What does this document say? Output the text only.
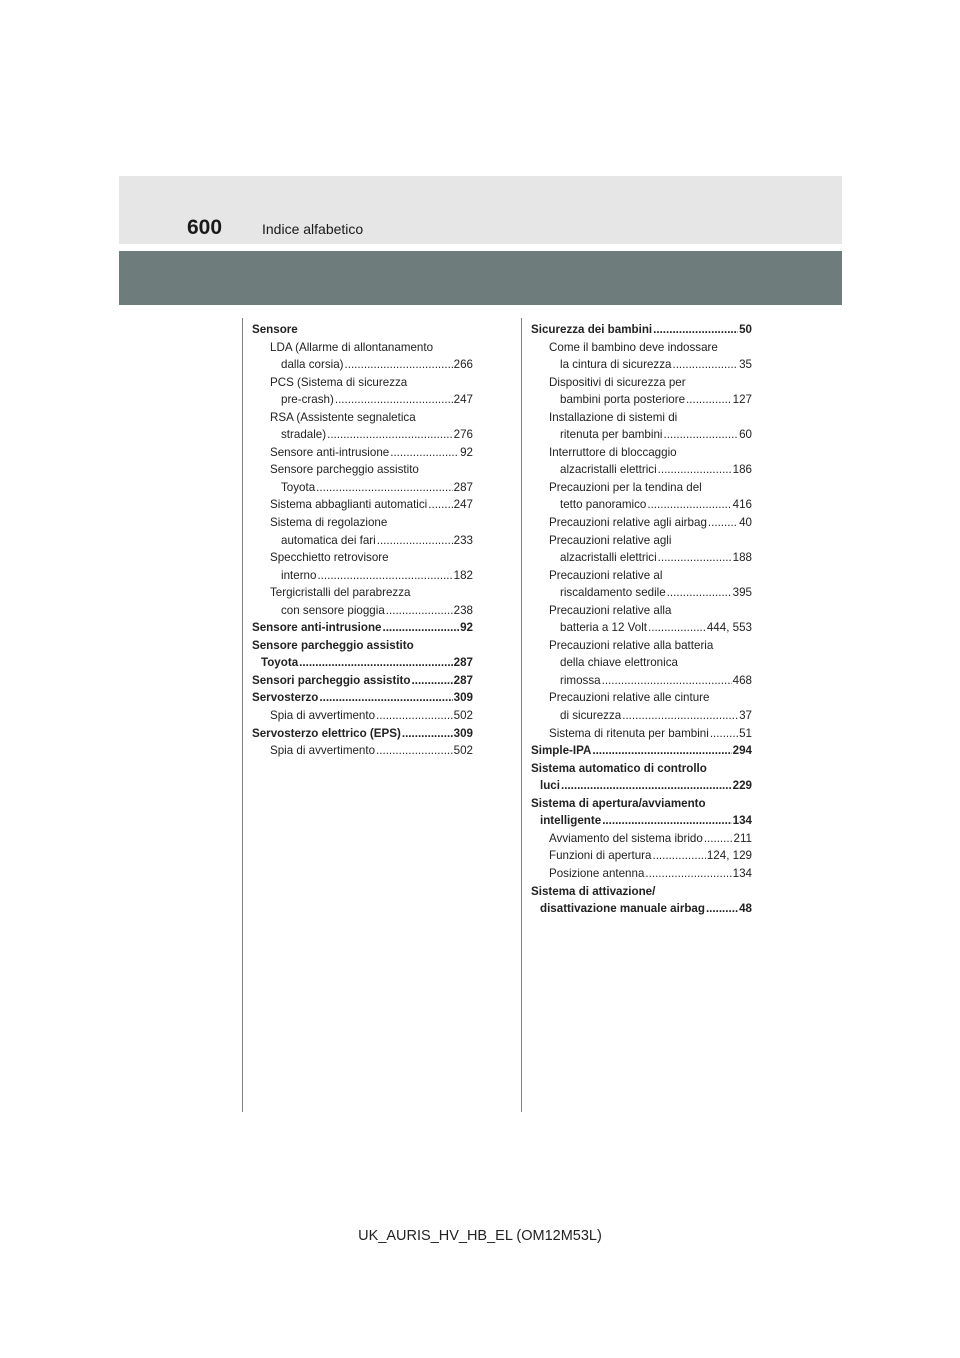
600	Indice alfabetico
Sensore
LDA (Allarme di allontanamento
dalla corsia) .....	266
PCS (Sistema di sicurezza
pre-crash) .....	247
RSA (Assistente segnaletica
stradale) .....	276
Sensore anti-intrusione .....	92
Sensore parcheggio assistito
Toyota .....	287
Sistema abbaglianti automatici ..... 247
Sistema di regolazione
automatica dei fari .....	233
Specchietto retrovisore
interno .....	182
Tergicristalli del parabrezza
con sensore pioggia .....	238
Sensore anti-intrusione .....	92
Sensore parcheggio assistito
Toyota .....	287
Sensori parcheggio assistito .....	287
Servosterzo .....	309
Spia di avvertimento .....	502
Servosterzo elettrico (EPS) .....	309
Spia di avvertimento .....	502
Sicurezza dei bambini .....	50
Come il bambino deve indossare
la cintura di sicurezza .....	35
Dispositivi di sicurezza per
bambini porta posteriore .....	127
Installazione di sistemi di
ritenuta per bambini .....	60
Interruttore di bloccaggio
alzacristalli elettrici .....	186
Precauzioni per la tendina del
tetto panoramico .....	416
Precauzioni relative agli airbag .....	40
Precauzioni relative agli
alzacristalli elettrici .....	188
Precauzioni relative al
riscaldamento sedile .....	395
Precauzioni relative alla
batteria a 12 Volt .....	444, 553
Precauzioni relative alla batteria
della chiave elettronica
rimossa .....	468
Precauzioni relative alle cinture
di sicurezza .....	37
Sistema di ritenuta per bambini .....	51
Simple-IPA .....	294
Sistema automatico di controllo
luci .....	229
Sistema di apertura/avviamento
intelligente .....	134
Avviamento del sistema ibrido .....	211
Funzioni di apertura .....	124, 129
Posizione antenna .....	134
Sistema di attivazione/
disattivazione manuale airbag .....	48
UK_AURIS_HV_HB_EL (OM12M53L)
